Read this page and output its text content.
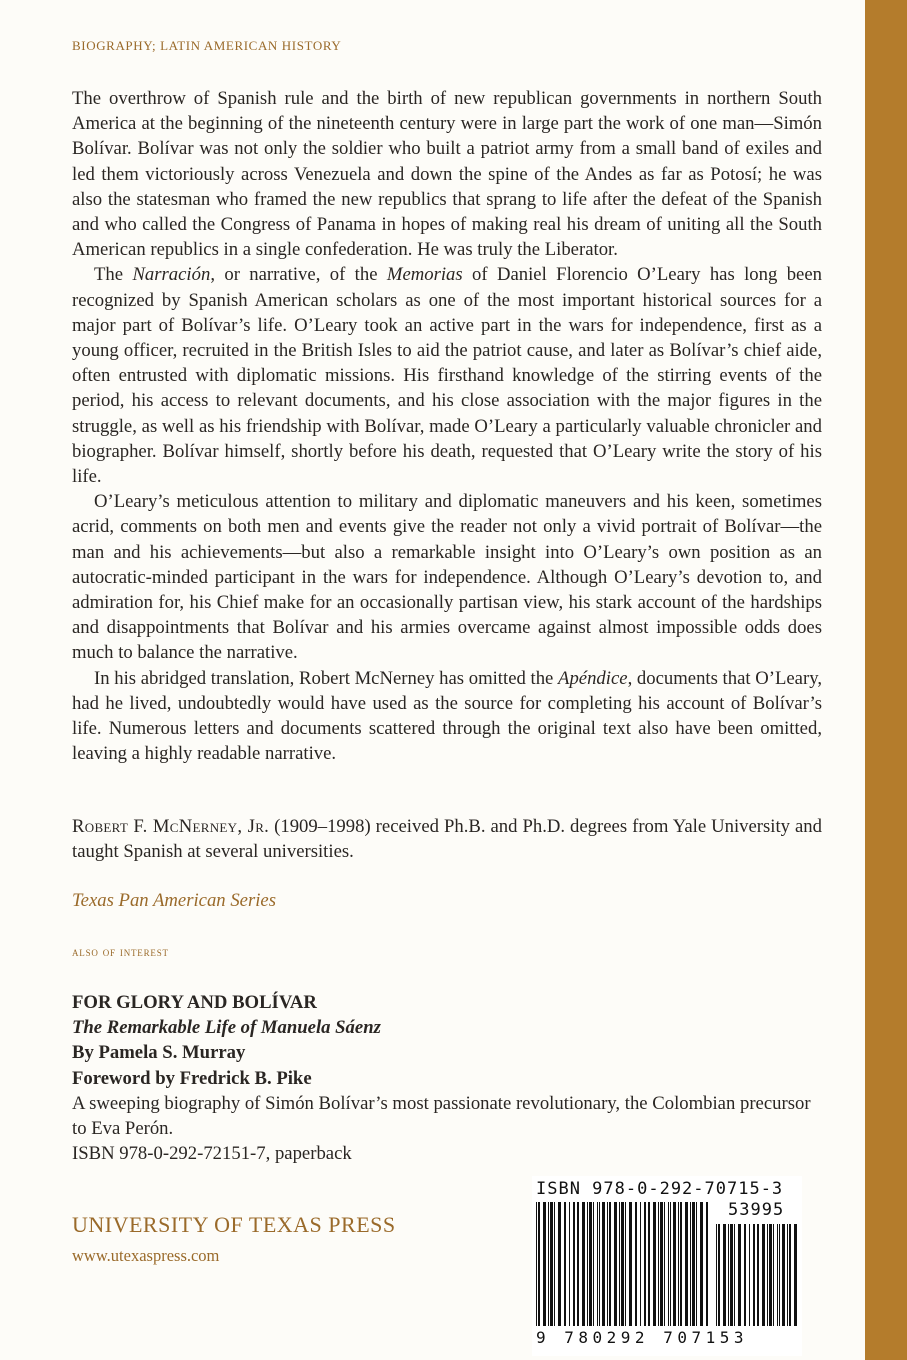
BIOGRAPHY; LATIN AMERICAN HISTORY

The overthrow of Spanish rule and the birth of new republican governments in northern South America at the beginning of the nineteenth century were in large part the work of one man—Simón Bolívar. Bolívar was not only the soldier who built a patriot army from a small band of exiles and led them victoriously across Venezuela and down the spine of the Andes as far as Potosí; he was also the statesman who framed the new republics that sprang to life after the defeat of the Spanish and who called the Congress of Panama in hopes of making real his dream of uniting all the South American republics in a single confederation. He was truly the Liberator.

The Narración, or narrative, of the Memorias of Daniel Florencio O’Leary has long been recognized by Spanish American scholars as one of the most important historical sources for a major part of Bolívar’s life. O’Leary took an active part in the wars for independence, first as a young officer, recruited in the British Isles to aid the patriot cause, and later as Bolívar’s chief aide, often entrusted with diplomatic missions. His firsthand knowledge of the stirring events of the period, his access to relevant documents, and his close association with the major figures in the struggle, as well as his friendship with Bolívar, made O’Leary a particularly valuable chronicler and biographer. Bolívar himself, shortly before his death, requested that O’Leary write the story of his life.

O’Leary’s meticulous attention to military and diplomatic maneuvers and his keen, sometimes acrid, comments on both men and events give the reader not only a vivid portrait of Bolívar—the man and his achievements—but also a remarkable insight into O’Leary’s own position as an autocratic-minded participant in the wars for independence. Although O’Leary’s devotion to, and admiration for, his Chief make for an occasionally partisan view, his stark account of the hardships and disappointments that Bolívar and his armies overcame against almost impossible odds does much to balance the narrative.

In his abridged translation, Robert McNerney has omitted the Apéndice, documents that O’Leary, had he lived, undoubtedly would have used as the source for completing his account of Bolívar’s life. Numerous letters and documents scattered through the original text also have been omitted, leaving a highly readable narrative.

Robert F. McNerney, Jr. (1909–1998) received Ph.B. and Ph.D. degrees from Yale University and taught Spanish at several universities.
Texas Pan American Series
also of interest
FOR GLORY AND BOLÍVAR
The Remarkable Life of Manuela Sáenz
By Pamela S. Murray
Foreword by Fredrick B. Pike
A sweeping biography of Simón Bolívar’s most passionate revolutionary, the Colombian precursor to Eva Perón.
ISBN 978-0-292-72151-7, paperback
UNIVERSITY OF TEXAS PRESS
www.utexaspress.com
ISBN 978-0-292-70715-3
53995
9 780292 707153
